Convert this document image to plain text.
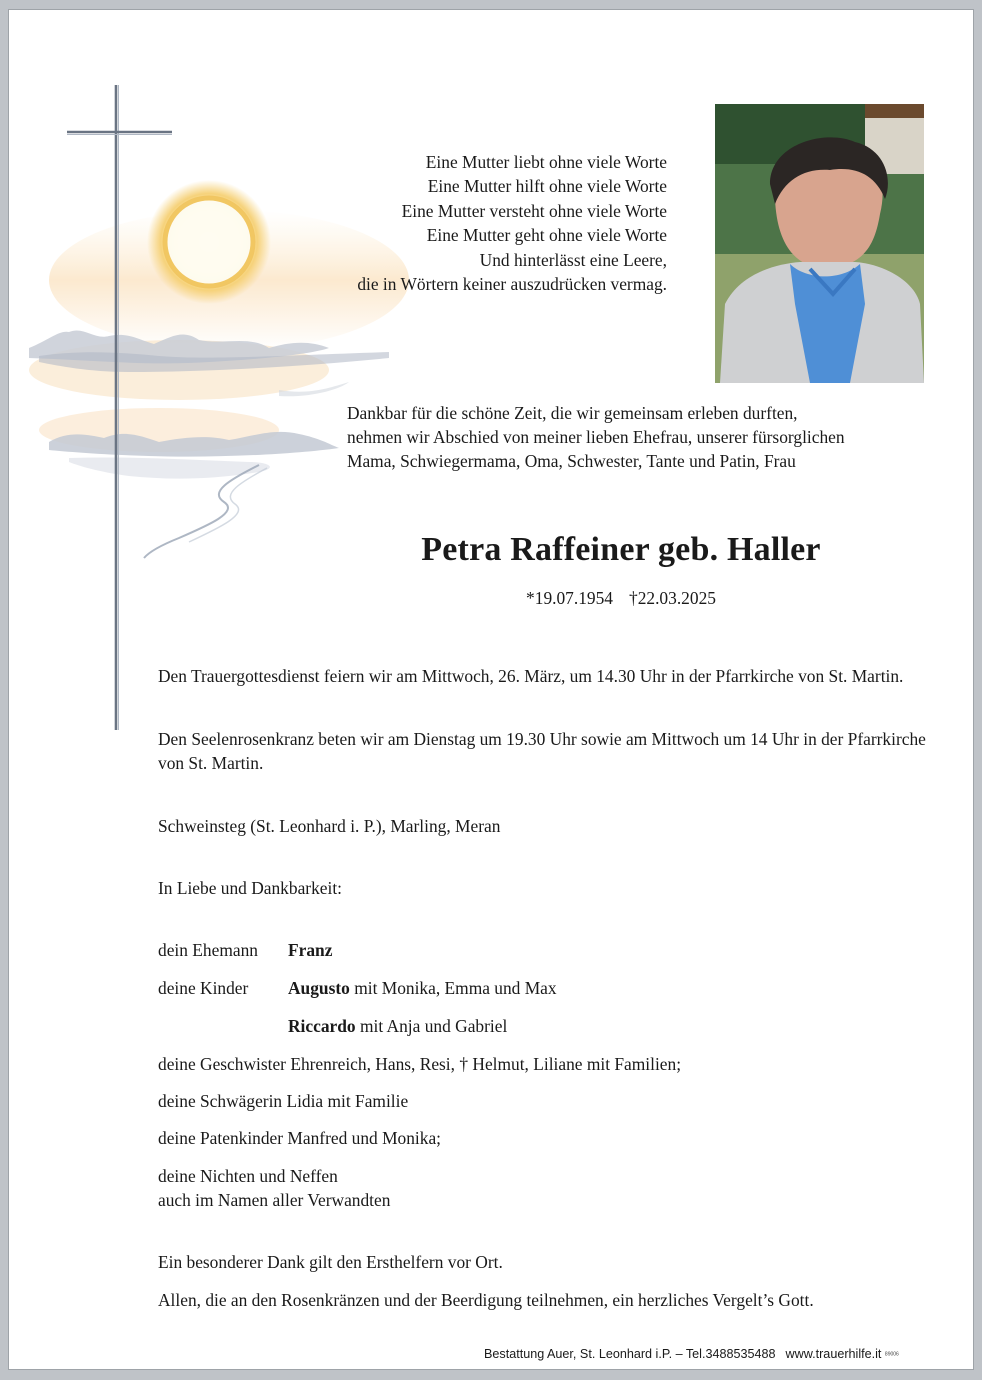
Eine Mutter liebt ohne viele Worte
Eine Mutter hilft ohne viele Worte
Eine Mutter versteht ohne viele Worte
Eine Mutter geht ohne viele Worte
Und hinterlässt eine Leere,
die in Wörtern keiner auszudrücken vermag.
Dankbar für die schöne Zeit, die wir gemeinsam erleben durften,
nehmen wir Abschied von meiner lieben Ehefrau, unserer fürsorglichen
Mama, Schwiegermama, Oma, Schwester, Tante und Patin, Frau
Petra Raffeiner geb. Haller
*19.07.1954 †22.03.2025

Den Trauergottesdienst feiern wir am Mittwoch, 26. März, um 14.30 Uhr in der Pfarrkirche von St. Martin.

Den Seelenrosenkranz beten wir am Dienstag um 19.30 Uhr sowie am Mittwoch um 14 Uhr in der Pfarrkirche von St. Martin.

Schweinsteg (St. Leonhard i. P.), Marling, Meran
In Liebe und Dankbarkeit:
dein Ehemann Franz
deine Kinder Augusto mit Monika, Emma und Max
Riccardo mit Anja und Gabriel
deine Geschwister Ehrenreich, Hans, Resi, † Helmut, Liliane mit Familien;
deine Schwägerin Lidia mit Familie
deine Patenkinder Manfred und Monika;
deine Nichten und Neffen
auch im Namen aller Verwandten
Ein besonderer Dank gilt den Ersthelfern vor Ort.
Allen, die an den Rosenkränzen und der Beerdigung teilnehmen, ein herzliches Vergelt’s Gott.
Bestattung Auer, St. Leonhard i.P. – Tel.3488535488 www.trauerhilfe.it 89006
